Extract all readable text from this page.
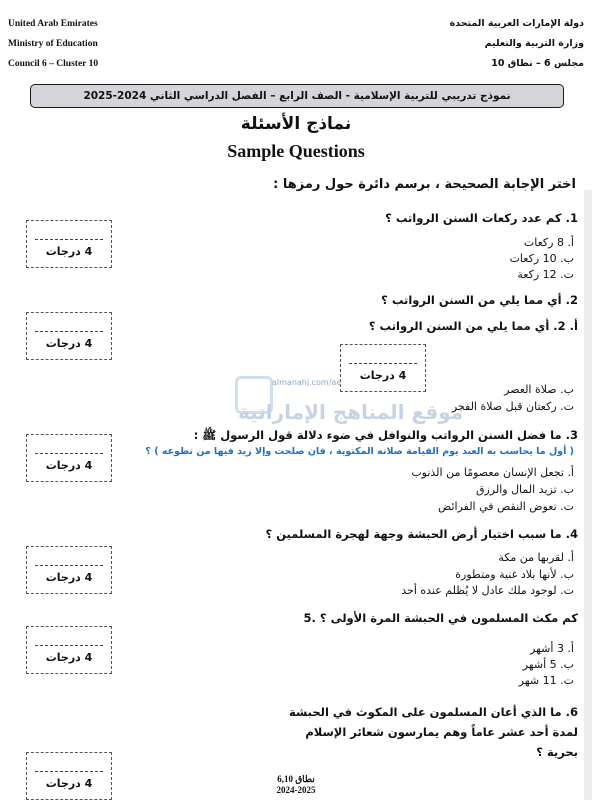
United Arab Emirates
Ministry of Education
Council 6 – Cluster 10
دولة الإمارات العربية المتحدة
وزارة التربية والتعليم
مجلس 6 – نطاق 10
نموذج تدريبي للتربية الإسلامية - الصف الرابع – الفصل الدراسي الثاني 2024-2025
نماذج الأسئلة
Sample Questions
اختر الإجابة الصحيحة ، برسم دائرة حول رمزها :
1. كم عدد ركعات السنن الرواتب ؟
أ. 8 ركعات
ب. 10 ركعات
ت. 12 ركعة
4 درجات
2. أي مما يلي من السنن الرواتب ؟
أ. 2. أي مما يلي من السنن الرواتب ؟
4 درجات
4 درجات
ب. صلاة العصر
ت. ركعتان قبل صلاة الفجر
almanahj.com/ae
موقع المناهج الإماراتية
3. ما فضل السنن الرواتب والنوافل في ضوء دلالة قول الرسول ﷺ :
( أول ما يحاسب به العبد يوم القيامة صلاته المكتوبة ، فان صلحت وإلا زيد فيها من تطوعه ) ؟
أ. تجعل الإنسان معصومًا من الذنوب
ب. تزيد المال والرزق
ت. تعوض النقص في الفرائض
4 درجات
4. ما سبب اختيار أرض الحبشة وجهة لهجرة المسلمين ؟
أ. لقربها من مكة
ب. لأنها بلاد غنية ومتطورة
ت. لوجود ملك عادل لا يُظلم عنده أحد
4 درجات
كم مكث المسلمون في الحبشة المرة الأولى ؟ .5
أ. 3 أشهر
ب. 5 أشهر
ت. 11 شهر
4 درجات
6. ما الذي أعان المسلمون على المكوث في الحبشة لمدة أحد عشر عاماً وهم يمارسون شعائر الإسلام بحرية ؟
4 درجات	نطاق 6,10
2024-2025
